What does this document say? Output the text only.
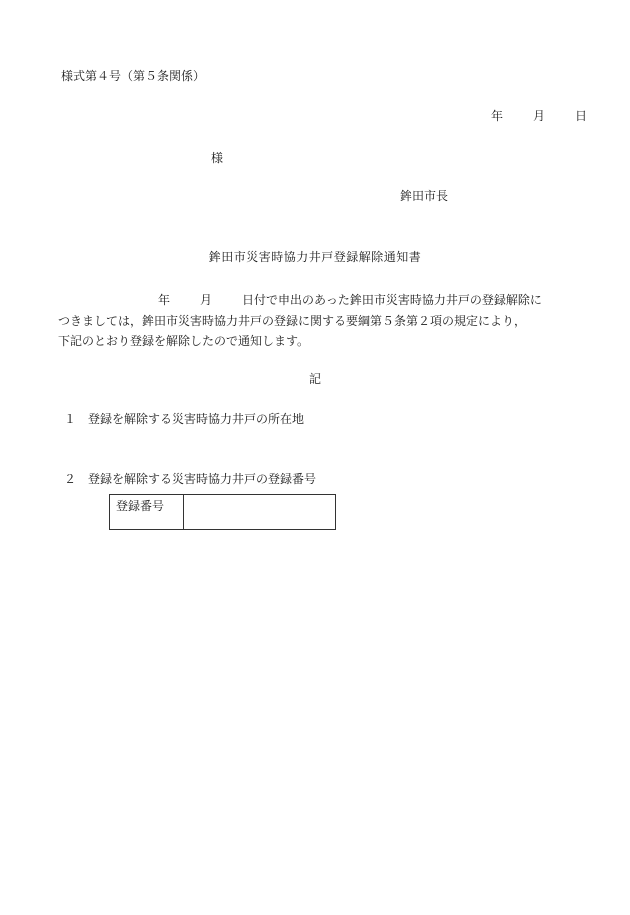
様式第４号（第５条関係）
年	月	日
様
鉾田市長
鉾田市災害時協力井戸登録解除通知書
年	月	日付で申出のあった鉾田市災害時協力井戸の登録解除に
つきましては，鉾田市災害時協力井戸の登録に関する要綱第５条第２項の規定により，
下記のとおり登録を解除したので通知します。
記
１ 登録を解除する災害時協力井戸の所在地
２ 登録を解除する災害時協力井戸の登録番号
登録番号	
